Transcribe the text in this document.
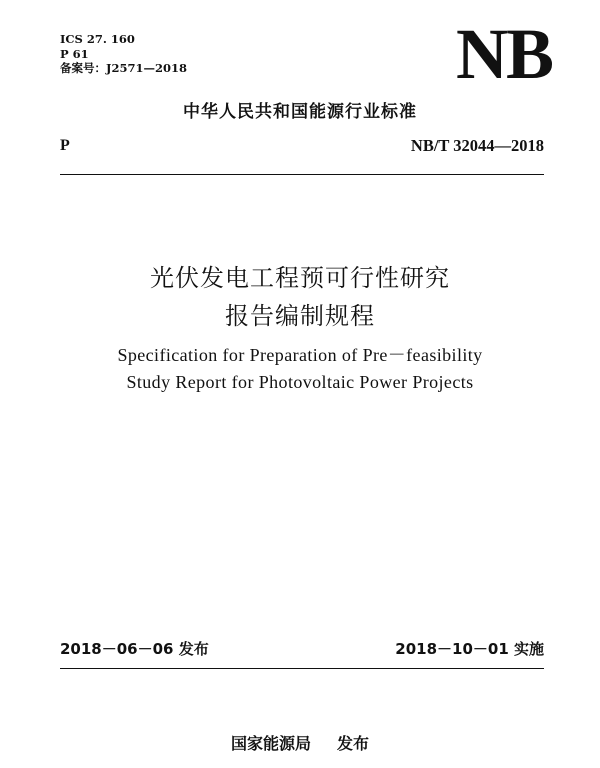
ICS 27. 160
P 61
备案号：J2571—2018	NB
中华人民共和国能源行业标准
P	NB/T 32044—2018
光伏发电工程预可行性研究
报告编制规程
Specification for Preparation of Pre－feasibility
Study Report for Photovoltaic Power Projects
2018－06－06 发布	2018－10－01 实施
国家能源局 发布
